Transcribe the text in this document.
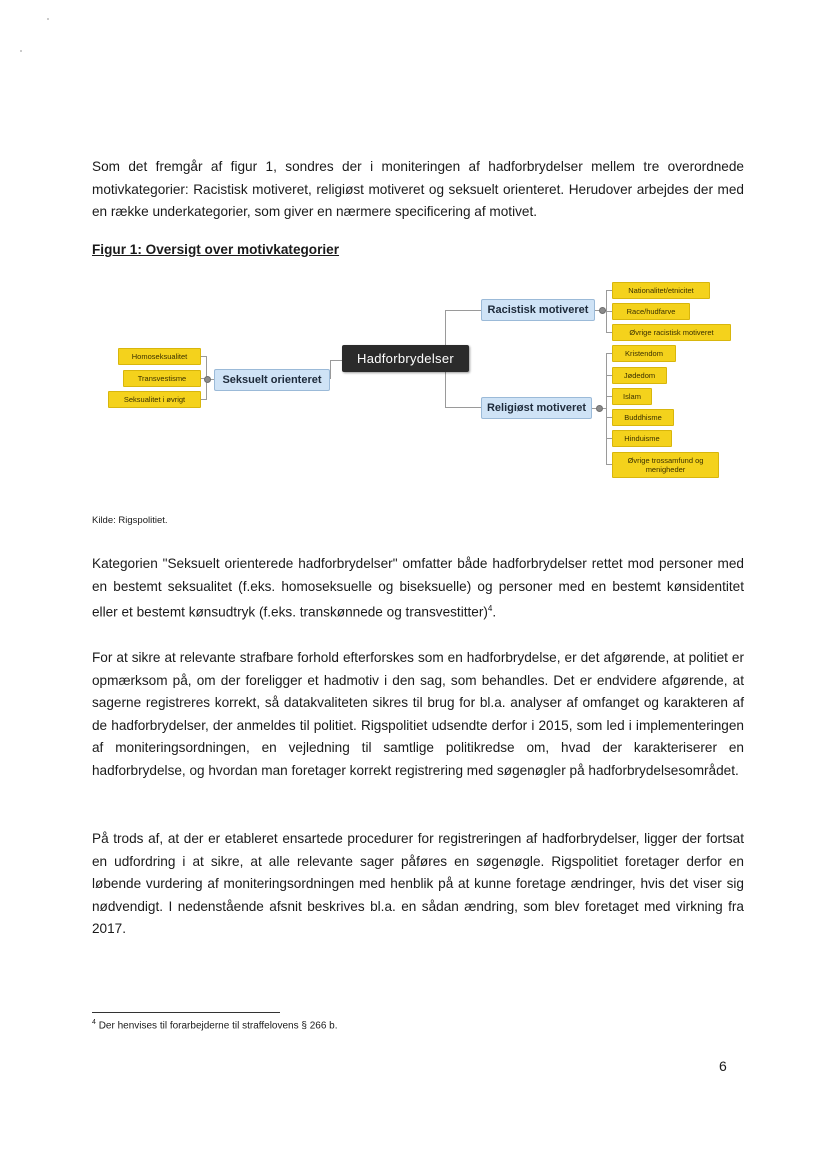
Som det fremgår af figur 1, sondres der i moniteringen af hadforbrydelser mellem tre overordnede motivkategorier: Racistisk motiveret, religiøst motiveret og seksuelt orienteret. Herudover arbejdes der med en række underkategorier, som giver en nærmere specificering af motivet.

Figur 1: Oversigt over motivkategorier

Hadforbrydelser
Racistisk motiveret
Religiøst motiveret
Seksuelt orienteret
Nationalitet/etnicitet
Race/hudfarve
Øvrige racistisk motiveret
Kristendom
Jødedom
Islam
Buddhisme
Hinduisme
Øvrige trossamfund og menigheder
Homoseksualitet
Transvestisme
Seksualitet i øvrigt

Kilde: Rigspolitiet.

Kategorien "Seksuelt orienterede hadforbrydelser" omfatter både hadforbrydelser rettet mod personer med en bestemt seksualitet (f.eks. homoseksuelle og biseksuelle) og personer med en bestemt kønsidentitet eller et bestemt kønsudtryk (f.eks. transkønnede og transvestitter)$^4$.

For at sikre at relevante strafbare forhold efterforskes som en hadforbrydelse, er det afgørende, at politiet er opmærksom på, om der foreligger et hadmotiv i den sag, som behandles. Det er endvidere afgørende, at sagerne registreres korrekt, så datakvaliteten sikres til brug for bl.a. analyser af omfanget og karakteren af de hadforbrydelser, der anmeldes til politiet. Rigspolitiet udsendte derfor i 2015, som led i implementeringen af moniteringsordningen, en vejledning til samtlige politikredse om, hvad der karakteriserer en hadforbrydelse, og hvordan man foretager korrekt registrering med søgenøgler på hadforbrydelsesområdet.

På trods af, at der er etableret ensartede procedurer for registreringen af hadforbrydelser, ligger der fortsat en udfordring i at sikre, at alle relevante sager påføres en søgenøgle. Rigspolitiet foretager derfor en løbende vurdering af moniteringsordningen med henblik på at kunne foretage ændringer, hvis det viser sig nødvendigt. I nedenstående afsnit beskrives bl.a. en sådan ændring, som blev foretaget med virkning fra 2017.

$^4$ Der henvises til forarbejderne til straffelovens § 266 b.

6
